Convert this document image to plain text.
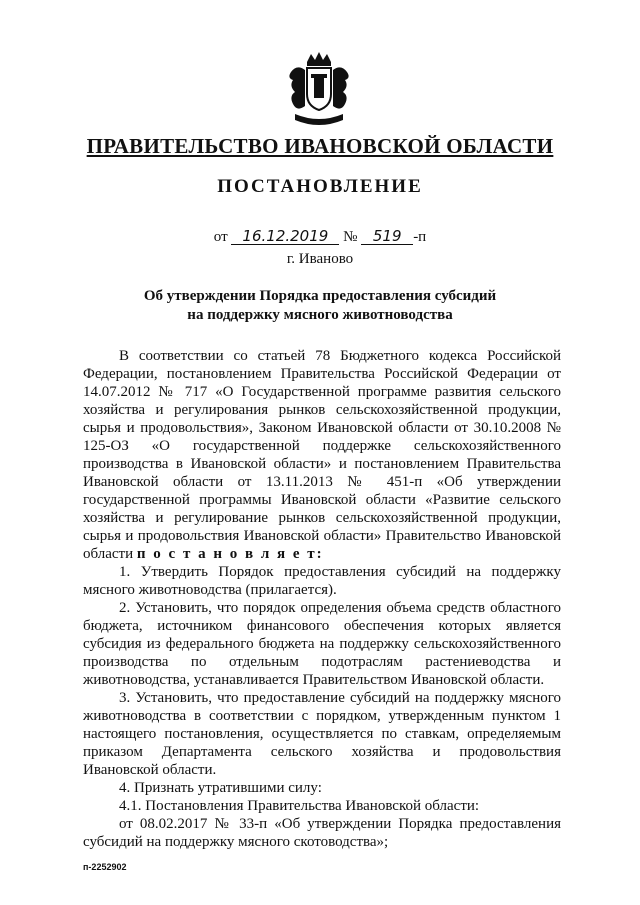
ПРАВИТЕЛЬСТВО ИВАНОВСКОЙ ОБЛАСТИ
ПОСТАНОВЛЕНИЕ
от 16.12.2019 № 519 -п
г. Иваново
Об утверждении Порядка предоставления субсидий
на поддержку мясного животноводства

В соответствии со статьей 78 Бюджетного кодекса Российской Федерации, постановлением Правительства Российской Федерации от 14.07.2012 № 717 «О Государственной программе развития сельского хозяйства и регулирования рынков сельскохозяйственной продукции, сырья и продовольствия», Законом Ивановской области от 30.10.2008 № 125-ОЗ «О государственной поддержке сельскохозяйственного производства в Ивановской области» и постановлением Правительства Ивановской области от 13.11.2013 № 451-п «Об утверждении государственной программы Ивановской области «Развитие сельского хозяйства и регулирование рынков сельскохозяйственной продукции, сырья и продовольствия Ивановской области» Правительство Ивановской области п о с т а н о в л я е т:

1. Утвердить Порядок предоставления субсидий на поддержку мясного животноводства (прилагается).

2. Установить, что порядок определения объема средств областного бюджета, источником финансового обеспечения которых является субсидия из федерального бюджета на поддержку сельскохозяйственного производства по отдельным подотраслям растениеводства и животноводства, устанавливается Правительством Ивановской области.

3. Установить, что предоставление субсидий на поддержку мясного животноводства в соответствии с порядком, утвержденным пунктом 1 настоящего постановления, осуществляется по ставкам, определяемым приказом Департамента сельского хозяйства и продовольствия Ивановской области.

4. Признать утратившими силу:

4.1. Постановления Правительства Ивановской области:

от 08.02.2017 № 33-п «Об утверждении Порядка предоставления субсидий на поддержку мясного скотоводства»;

п-2252902
